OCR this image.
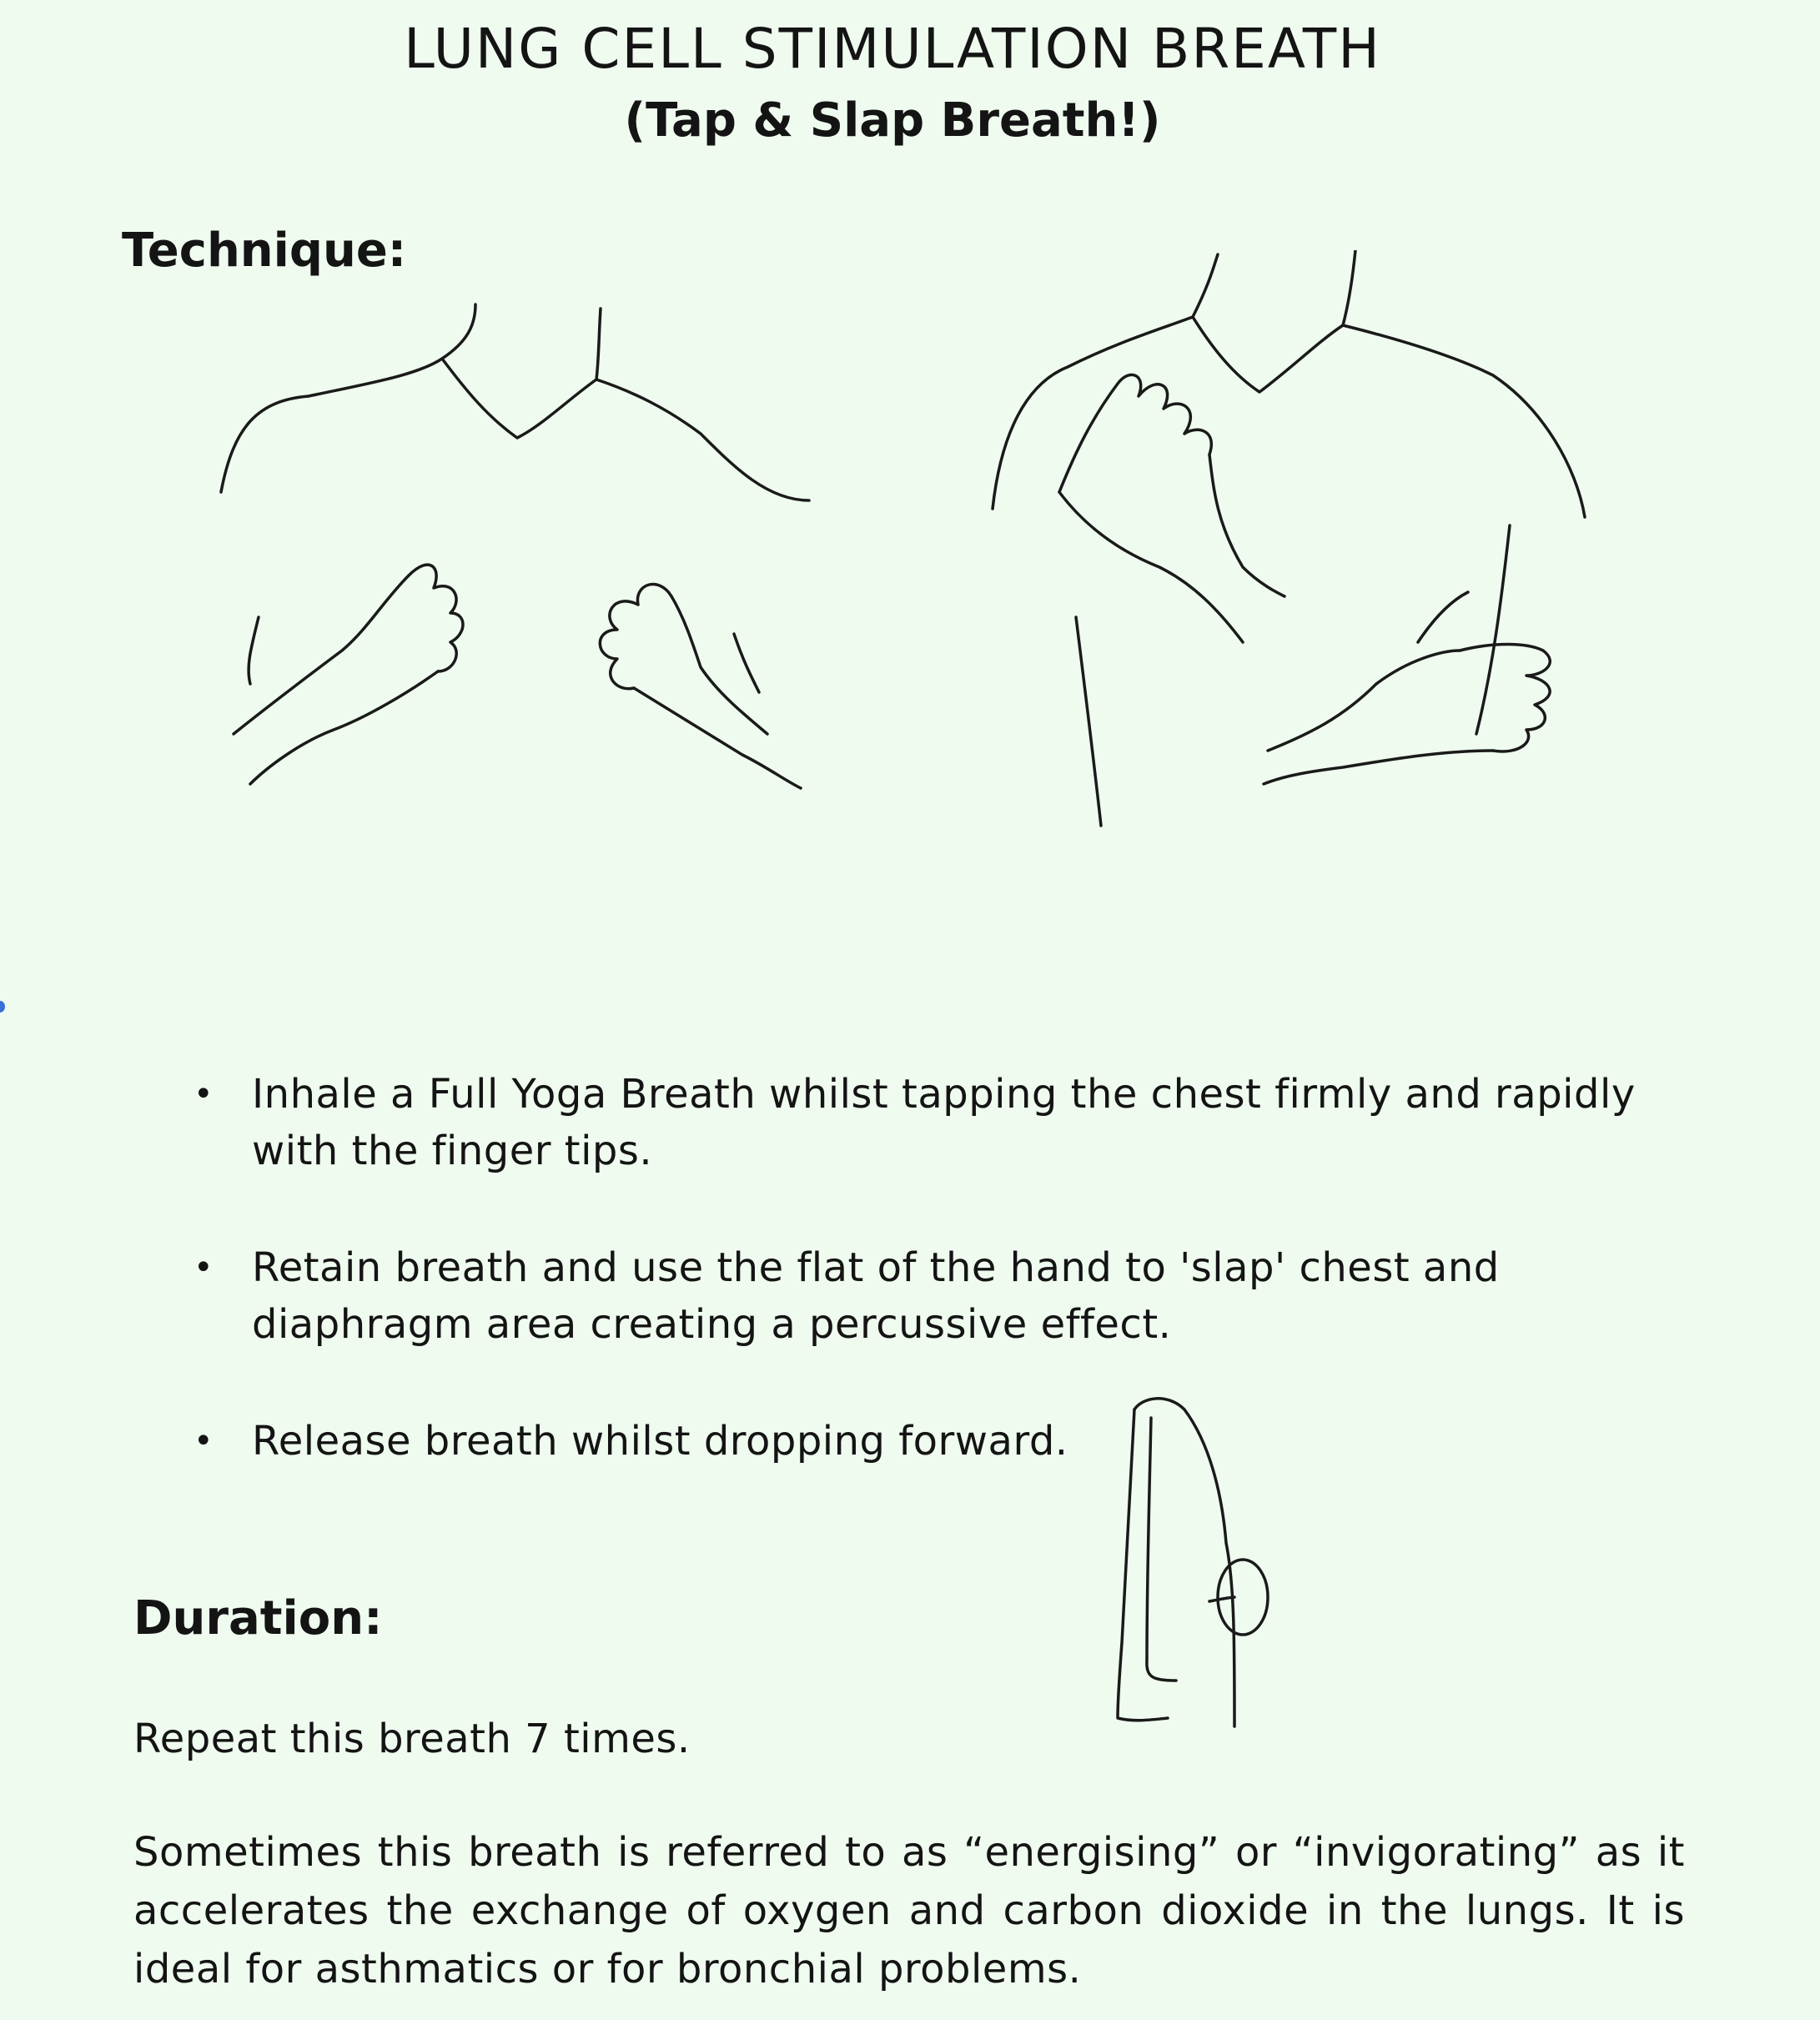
LUNG CELL STIMULATION BREATH
(Tap & Slap Breath!)
Technique:
• Inhale a Full Yoga Breath whilst tapping the chest firmly and rapidly with the finger tips.
• Retain breath and use the flat of the hand to 'slap' chest and diaphragm area creating a percussive effect.
• Release breath whilst dropping forward.
Duration:

Repeat this breath 7 times.

Sometimes this breath is referred to as “energising” or “invigorating” as it accelerates the exchange of oxygen and carbon dioxide in the lungs. It is ideal for asthmatics or for bronchial problems.
